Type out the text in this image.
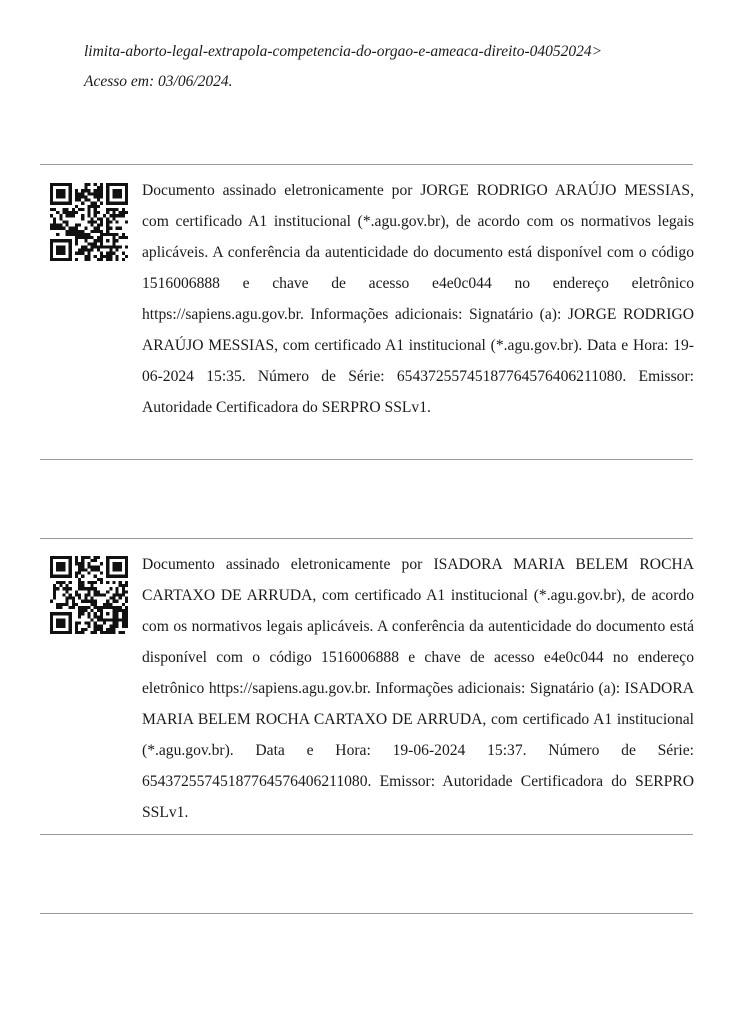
limita-aborto-legal-extrapola-competencia-do-orgao-e-ameaca-direito-04052024>
Acesso em: 03/06/2024.
Documento assinado eletronicamente por JORGE RODRIGO ARAÚJO MESSIAS, com certificado A1 institucional (*.agu.gov.br), de acordo com os normativos legais aplicáveis. A conferência da autenticidade do documento está disponível com o código 1516006888 e chave de acesso e4e0c044 no endereço eletrônico https://sapiens.agu.gov.br. Informações adicionais: Signatário (a): JORGE RODRIGO ARAÚJO MESSIAS, com certificado A1 institucional (*.agu.gov.br). Data e Hora: 19-06-2024 15:35. Número de Série: 65437255745187764576406211080. Emissor: Autoridade Certificadora do SERPRO SSLv1.
Documento assinado eletronicamente por ISADORA MARIA BELEM ROCHA CARTAXO DE ARRUDA, com certificado A1 institucional (*.agu.gov.br), de acordo com os normativos legais aplicáveis. A conferência da autenticidade do documento está disponível com o código 1516006888 e chave de acesso e4e0c044 no endereço eletrônico https://sapiens.agu.gov.br. Informações adicionais: Signatário (a): ISADORA MARIA BELEM ROCHA CARTAXO DE ARRUDA, com certificado A1 institucional (*.agu.gov.br). Data e Hora: 19-06-2024 15:37. Número de Série: 65437255745187764576406211080. Emissor: Autoridade Certificadora do SERPRO SSLv1.
